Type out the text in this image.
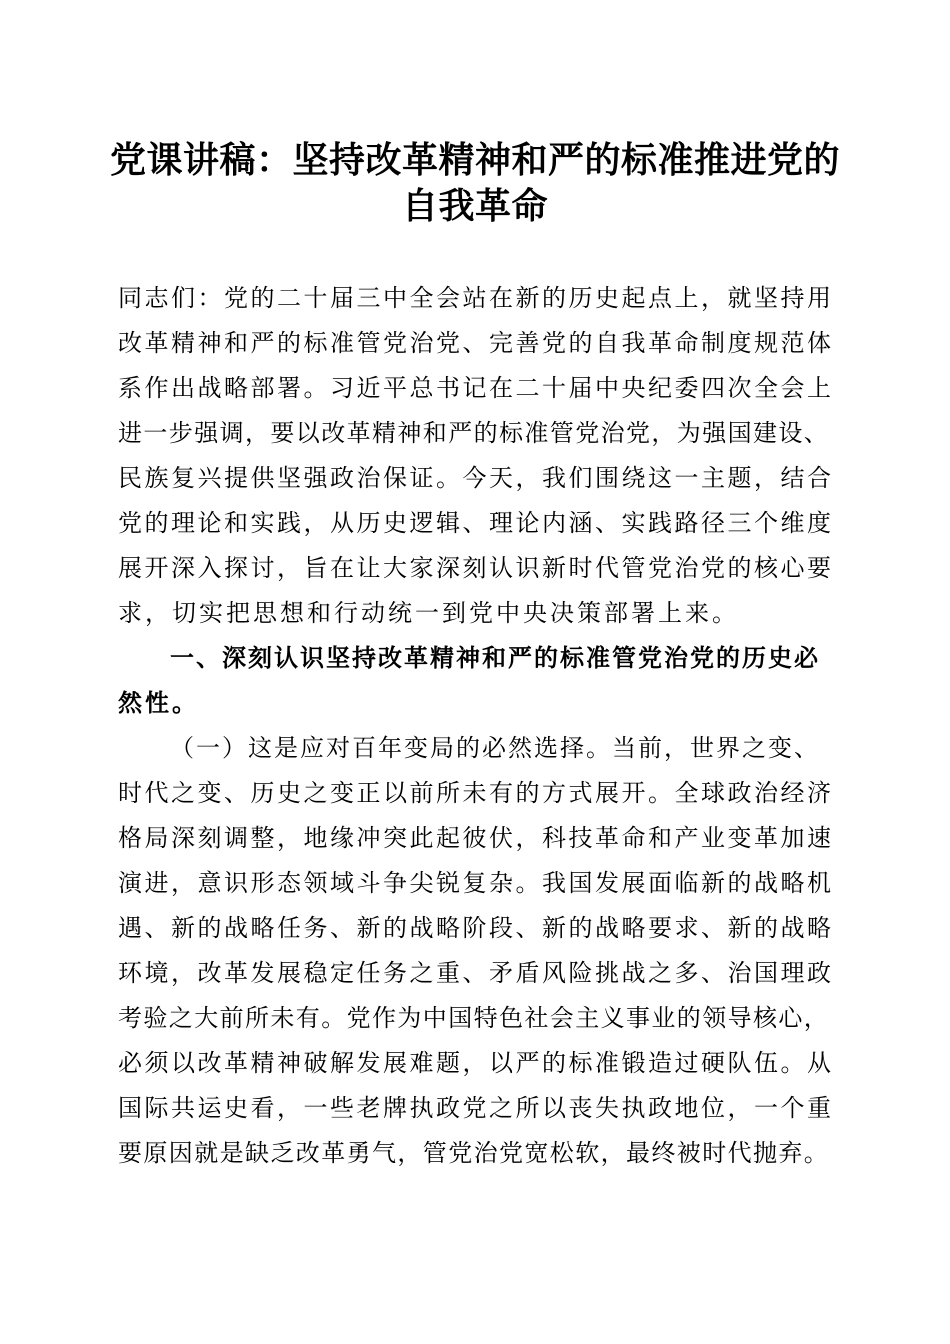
党课讲稿：坚持改革精神和严的标准推进党的
自我革命
同志们：党的二十届三中全会站在新的历史起点上，就坚持用
改革精神和严的标准管党治党、完善党的自我革命制度规范体
系作出战略部署。习近平总书记在二十届中央纪委四次全会上
进一步强调，要以改革精神和严的标准管党治党，为强国建设、
民族复兴提供坚强政治保证。今天，我们围绕这一主题，结合
党的理论和实践，从历史逻辑、理论内涵、实践路径三个维度
展开深入探讨，旨在让大家深刻认识新时代管党治党的核心要
求，切实把思想和行动统一到党中央决策部署上来。
一、深刻认识坚持改革精神和严的标准管党治党的历史必
然性。
（一）这是应对百年变局的必然选择。当前，世界之变、
时代之变、历史之变正以前所未有的方式展开。全球政治经济
格局深刻调整，地缘冲突此起彼伏，科技革命和产业变革加速
演进，意识形态领域斗争尖锐复杂。我国发展面临新的战略机
遇、新的战略任务、新的战略阶段、新的战略要求、新的战略
环境，改革发展稳定任务之重、矛盾风险挑战之多、治国理政
考验之大前所未有。党作为中国特色社会主义事业的领导核心，
必须以改革精神破解发展难题，以严的标准锻造过硬队伍。从
国际共运史看，一些老牌执政党之所以丧失执政地位，一个重
要原因就是缺乏改革勇气，管党治党宽松软，最终被时代抛弃。
